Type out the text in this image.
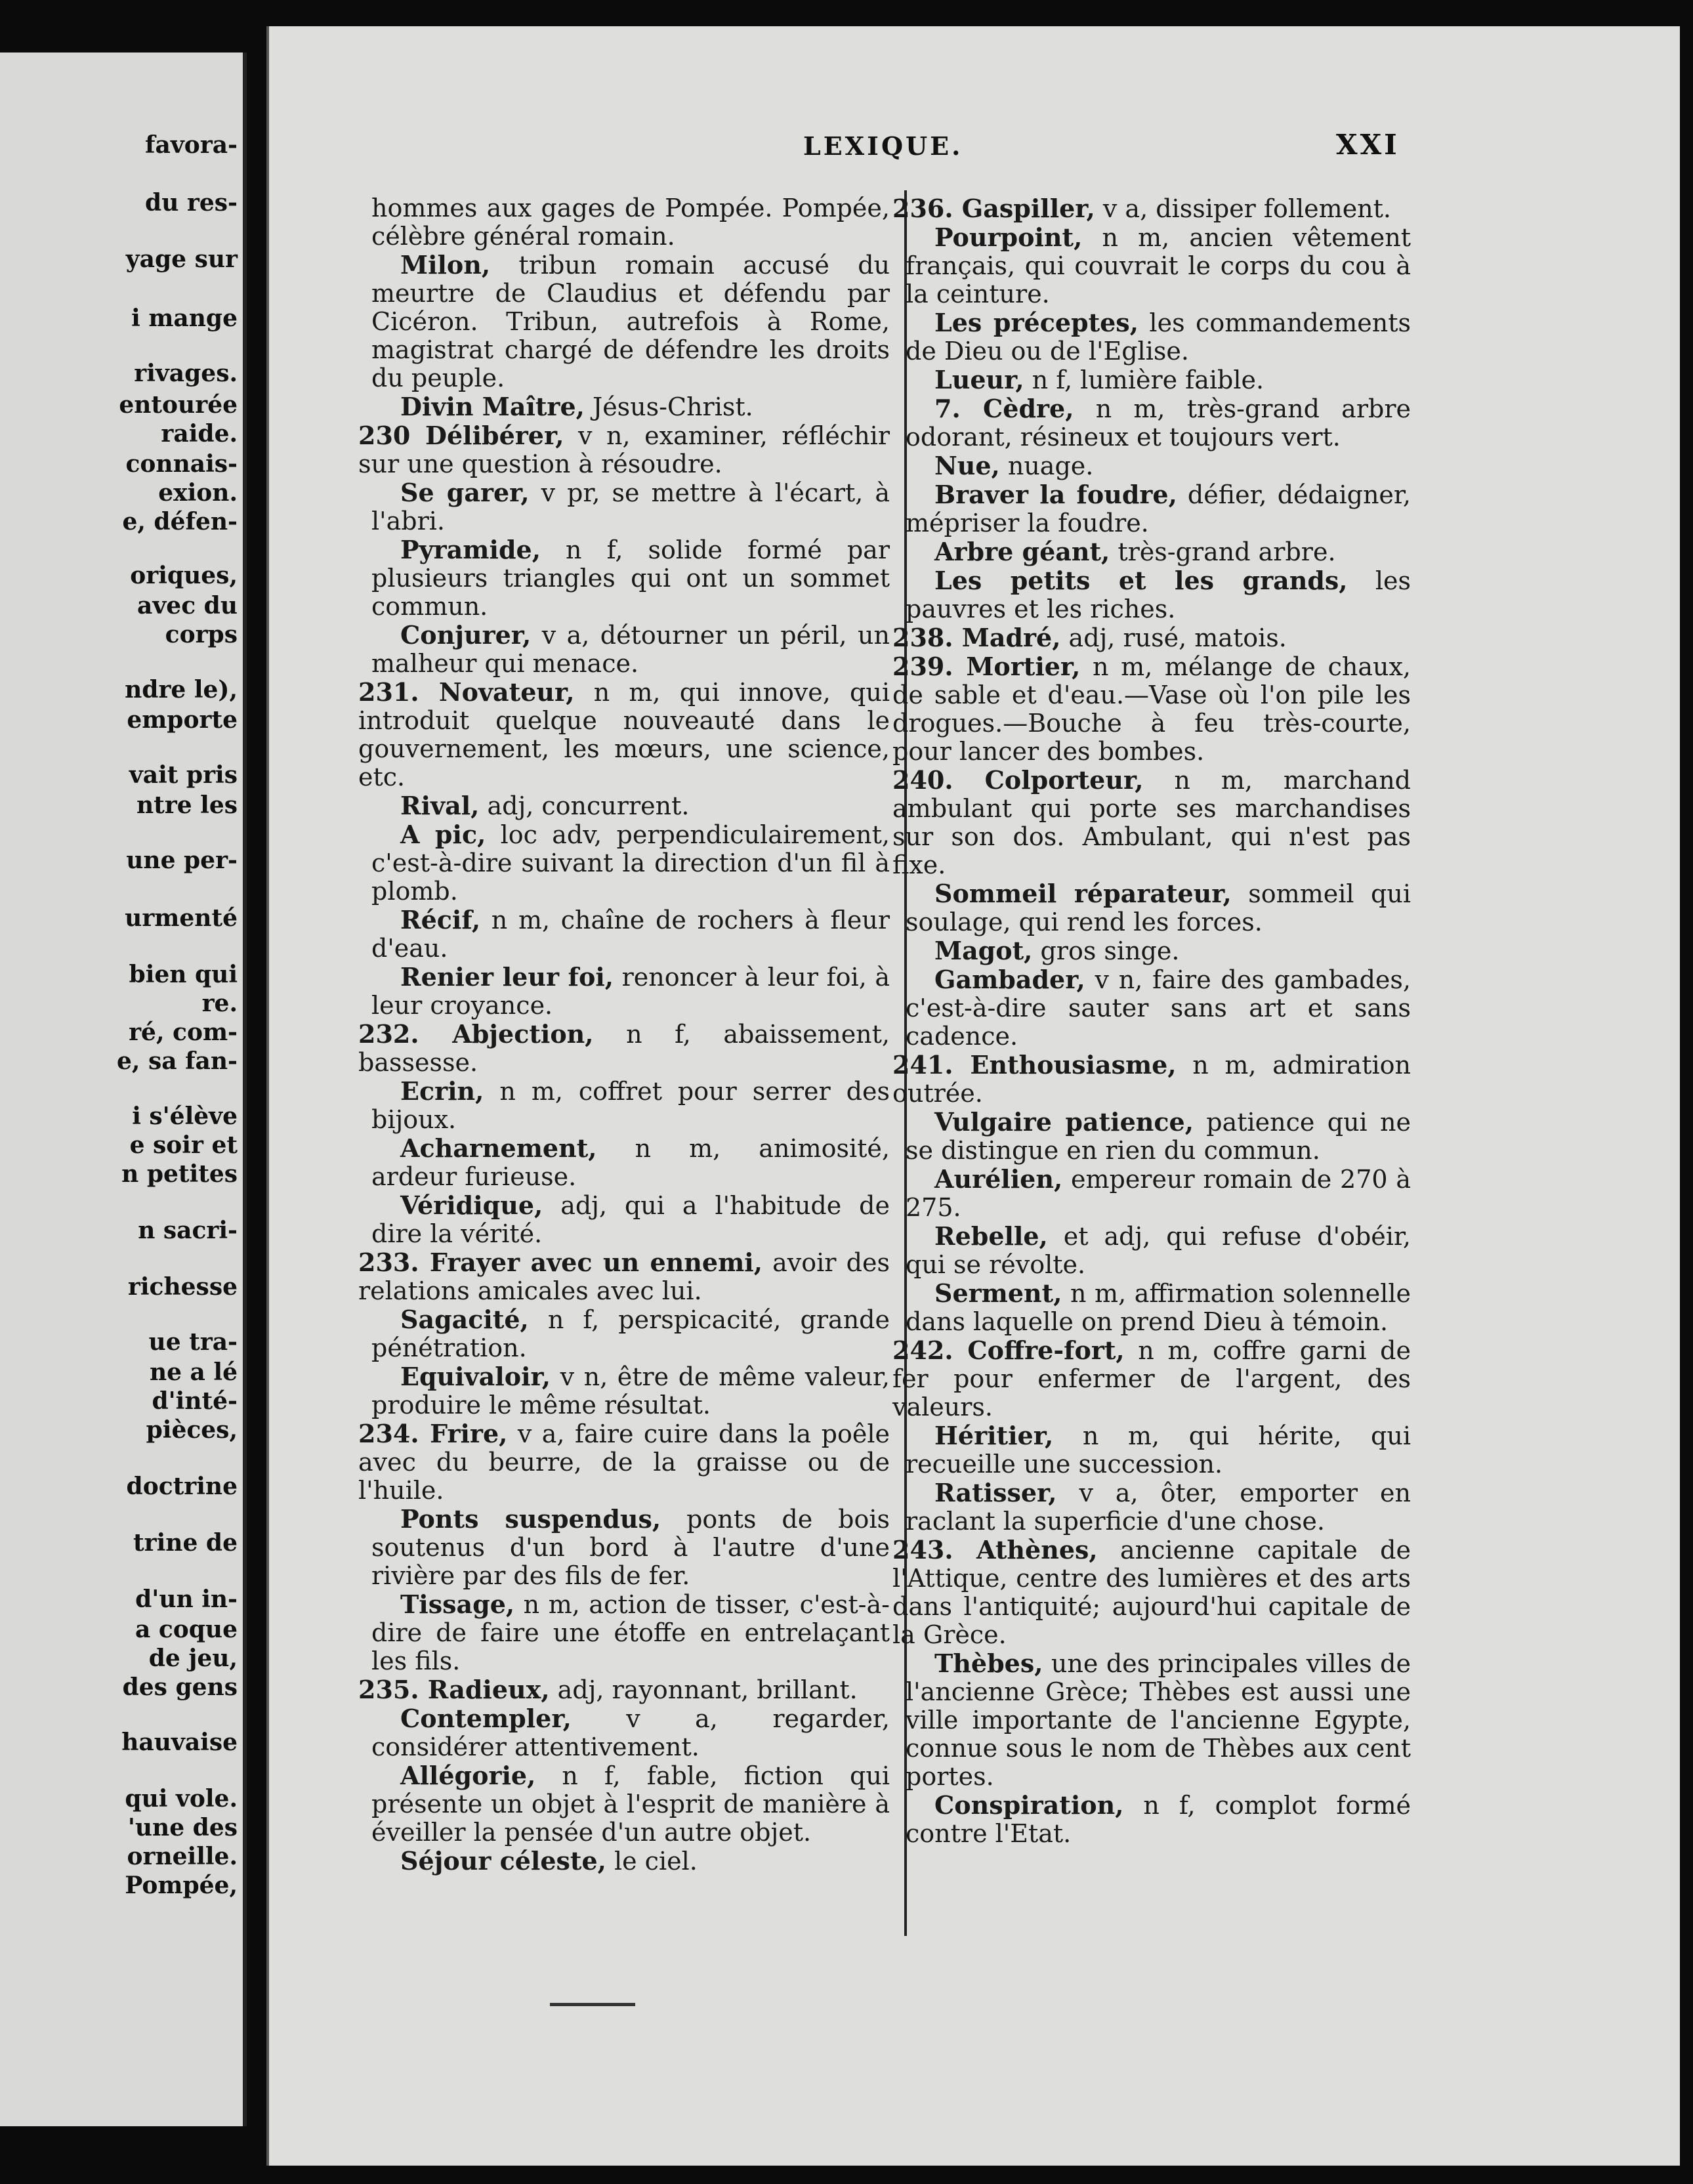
favora-
du res-
yage sur
i mange
rivages.
entourée
raide.
connais-
exion.
e, défen-
oriques,
avec du
corps
ndre le),
emporte
vait pris
ntre les
une per-
urmenté
bien qui
re.
ré, com-
e, sa fan-
i s'élève
e soir et
n petites
n sacri-
richesse
ue tra-
ne a lé
d'inté-
pièces,
doctrine
trine de
d'un in-
a coque
de jeu,
des gens
hauvaise
qui vole.
'une des
orneille.
Pompée,
LEXIQUE.	XXI

hommes aux gages de Pompée. Pompée, célèbre général romain.

Milon, tribun romain accusé du meurtre de Claudius et défendu par Cicéron. Tribun, autrefois à Rome, magistrat chargé de défendre les droits du peuple.

Divin Maître, Jésus-Christ.

230 Délibérer, v n, examiner, réfléchir sur une question à résoudre.

Se garer, v pr, se mettre à l'écart, à l'abri.

Pyramide, n f, solide formé par plusieurs triangles qui ont un sommet commun.

Conjurer, v a, détourner un péril, un malheur qui menace.

231. Novateur, n m, qui innove, qui introduit quelque nouveauté dans le gouvernement, les mœurs, une science, etc.

Rival, adj, concurrent.

A pic, loc adv, perpendiculairement, c'est-à-dire suivant la direction d'un fil à plomb.

Récif, n m, chaîne de rochers à fleur d'eau.

Renier leur foi, renoncer à leur foi, à leur croyance.

232. Abjection, n f, abaissement, bassesse.

Ecrin, n m, coffret pour serrer des bijoux.

Acharnement, n m, animosité, ardeur furieuse.

Véridique, adj, qui a l'habitude de dire la vérité.

233. Frayer avec un ennemi, avoir des relations amicales avec lui.

Sagacité, n f, perspicacité, grande pénétration.

Equivaloir, v n, être de même valeur, produire le même résultat.

234. Frire, v a, faire cuire dans la poêle avec du beurre, de la graisse ou de l'huile.

Ponts suspendus, ponts de bois soutenus d'un bord à l'autre d'une rivière par des fils de fer.

Tissage, n m, action de tisser, c'est-à-dire de faire une étoffe en entrelaçant les fils.

235. Radieux, adj, rayonnant, brillant.

Contempler, v a, regarder, considérer attentivement.

Allégorie, n f, fable, fiction qui présente un objet à l'esprit de manière à éveiller la pensée d'un autre objet.

Séjour céleste, le ciel.

236. Gaspiller, v a, dissiper follement.

Pourpoint, n m, ancien vêtement français, qui couvrait le corps du cou à la ceinture.

Les préceptes, les commandements de Dieu ou de l'Eglise.

Lueur, n f, lumière faible.

7. Cèdre, n m, très-grand arbre odorant, résineux et toujours vert.

Nue, nuage.

Braver la foudre, défier, dédaigner, mépriser la foudre.

Arbre géant, très-grand arbre.

Les petits et les grands, les pauvres et les riches.

238. Madré, adj, rusé, matois.

239. Mortier, n m, mélange de chaux, de sable et d'eau.—Vase où l'on pile les drogues.—Bouche à feu très-courte, pour lancer des bombes.

240. Colporteur, n m, marchand ambulant qui porte ses marchandises sur son dos. Ambulant, qui n'est pas fixe.

Sommeil réparateur, sommeil qui soulage, qui rend les forces.

Magot, gros singe.

Gambader, v n, faire des gambades, c'est-à-dire sauter sans art et sans cadence.

241. Enthousiasme, n m, admiration outrée.

Vulgaire patience, patience qui ne se distingue en rien du commun.

Aurélien, empereur romain de 270 à 275.

Rebelle, et adj, qui refuse d'obéir, qui se révolte.

Serment, n m, affirmation solennelle dans laquelle on prend Dieu à témoin.

242. Coffre-fort, n m, coffre garni de fer pour enfermer de l'argent, des valeurs.

Héritier, n m, qui hérite, qui recueille une succession.

Ratisser, v a, ôter, emporter en raclant la superficie d'une chose.

243. Athènes, ancienne capitale de l'Attique, centre des lumières et des arts dans l'antiquité; aujourd'hui capitale de la Grèce.

Thèbes, une des principales villes de l'ancienne Grèce; Thèbes est aussi une ville importante de l'ancienne Egypte, connue sous le nom de Thèbes aux cent portes.

Conspiration, n f, complot formé contre l'Etat.
